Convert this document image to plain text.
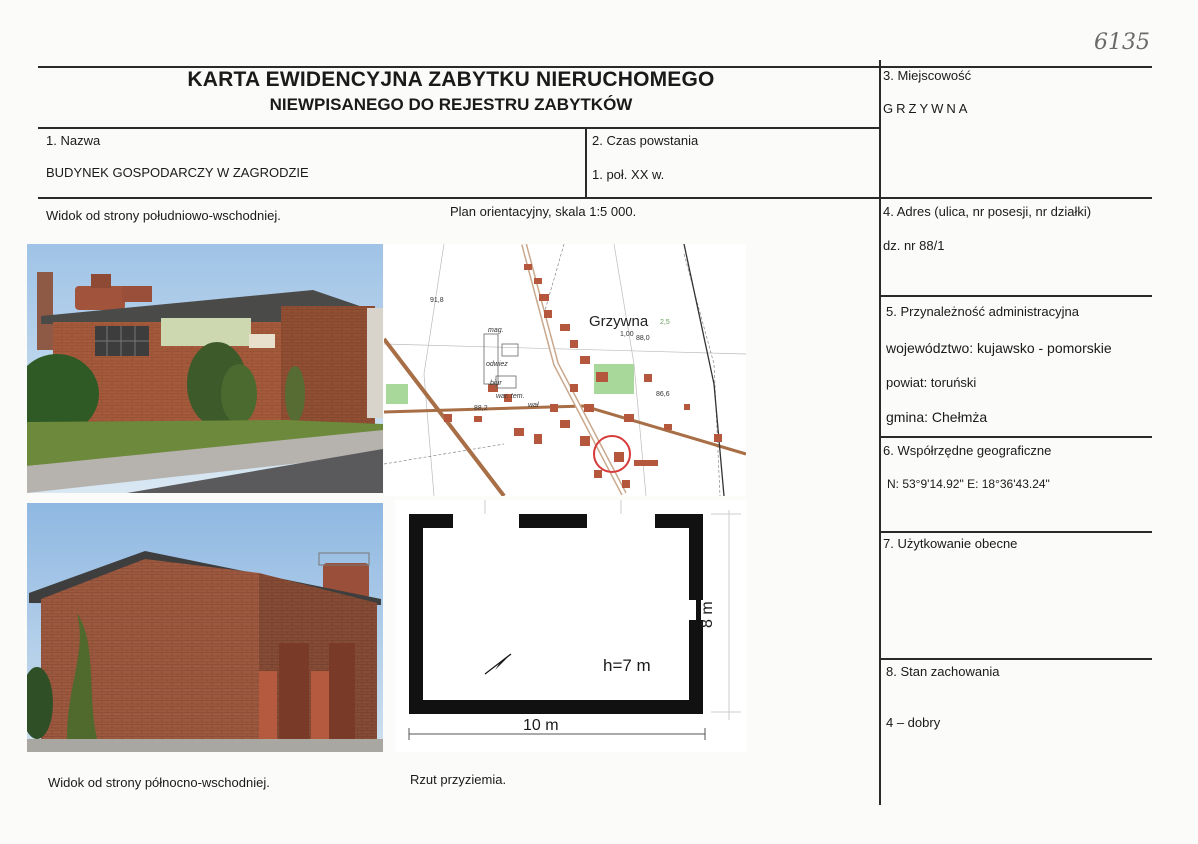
6135
KARTA EWIDENCYJNA ZABYTKU NIERUCHOMEGO
NIEWPISANEGO DO REJESTRU ZABYTKÓW
1. Nazwa
BUDYNEK GOSPODARCZY W ZAGRODZIE
2. Czas powstania
1. poł. XX w.
3. Miejscowość
GRZYWNA
4. Adres (ulica, nr posesji, nr działki)
dz. nr 88/1
5. Przynależność administracyjna
województwo: kujawsko - pomorskie
powiat: toruński
gmina: Chełmża
6. Współrzędne geograficzne
N: 53°9'14.92" E: 18°36'43.24"
7. Użytkowanie obecne
8. Stan zachowania
4 – dobry
Widok od strony południowo-wschodniej.	Plan orientacyjny, skala 1:5 000.
Widok od strony północno-wschodniej.	Rzut przyziemia.
Grzywna
91,8
mag.
odwiez
biur
war. tem.
wał
88,2
88,0
1,00
86,6
2,5
h=7 m
10 m
8 m
